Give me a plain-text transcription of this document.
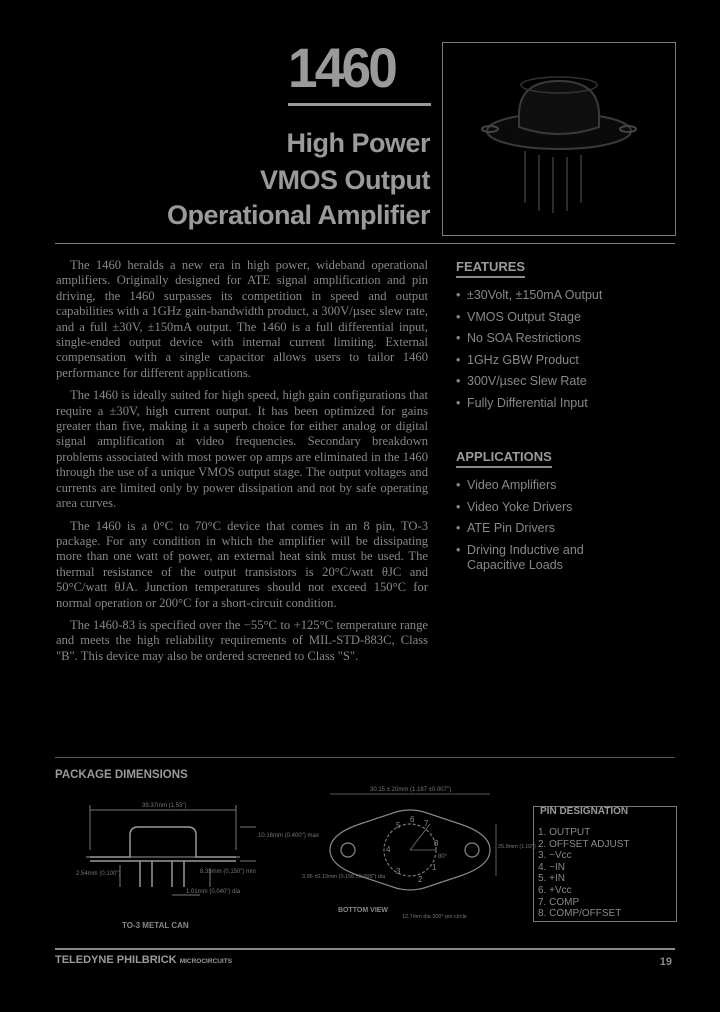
1460
High Power
VMOS Output
Operational Amplifier

The 1460 heralds a new era in high power, wideband operational amplifiers. Originally designed for ATE signal amplification and pin driving, the 1460 surpasses its competition in speed and output capabilities with a 1GHz gain-bandwidth product, a 300V/µsec slew rate, and a full ±30V, ±150mA output. The 1460 is a full differential input, single-ended output device with internal current limiting. External compensation with a single capacitor allows users to tailor 1460 performance for different applications.

The 1460 is ideally suited for high speed, high gain configurations that require a ±30V, high current output. It has been optimized for gains greater than five, making it a superb choice for either analog or digital signal amplification at video frequencies. Secondary breakdown problems associated with most power op amps are eliminated in the 1460 through the use of a unique VMOS output stage. The output voltages and currents are limited only by power dissipation and not by safe operating area curves.

The 1460 is a 0°C to 70°C device that comes in an 8 pin, TO-3 package. For any condition in which the amplifier will be dissipating more than one watt of power, an external heat sink must be used. The thermal resistance of the output transistors is 20°C/watt θJC and 50°C/watt θJA. Junction temperatures should not exceed 150°C for normal operation or 200°C for a short-circuit condition.

The 1460-83 is specified over the −55°C to +125°C temperature range and meets the high reliability requirements of MIL-STD-883C, Class "B". This device may also be ordered screened to Class "S".

FEATURES
• ±30Volt, ±150mA Output
• VMOS Output Stage
• No SOA Restrictions
• 1GHz GBW Product
• 300V/µsec Slew Rate
• Fully Differential Input
APPLICATIONS
• Video Amplifiers
• Video Yoke Drivers
• ATE Pin Drivers
• Driving Inductive and Capacitive Loads
PACKAGE DIMENSIONS
39.37mm (1.55")
10.16mm (0.400") max
8.35mm (0.150") min
2.54mm (0.100")
1.01mm (0.040") dia
TO-3 METAL CAN
5
4
3
2
1
8
7
6
80°
30.15 ±.20mm (1.187 ±0.007")
25.9mm (1.02")
3.96 ±0.13mm (0.156 ±0.005") dia
12.7mm dia 300° pin circle
BOTTOM VIEW
PIN DESIGNATION
1. OUTPUT
2. OFFSET ADJUST
3. −Vcc
4. −IN
5. +IN
6. +Vcc
7. COMP
8. COMP/OFFSET
TELEDYNE PHILBRICK MICROCIRCUITS	19
